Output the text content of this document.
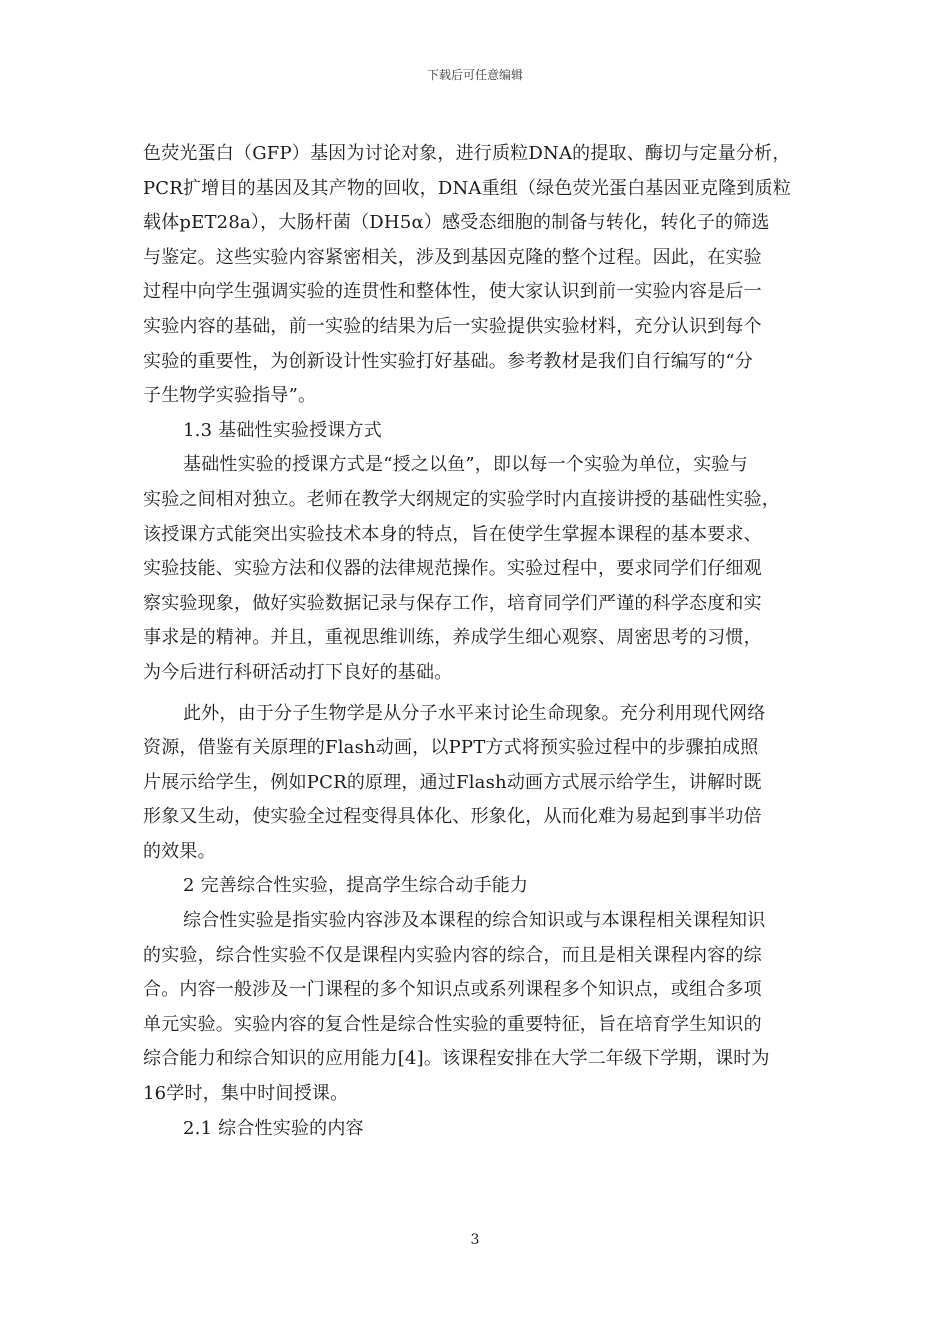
下载后可任意编辑
色荧光蛋白（GFP）基因为讨论对象，进行质粒DNA的提取、酶切与定量分析，
PCR扩增目的基因及其产物的回收，DNA重组（绿色荧光蛋白基因亚克隆到质粒
载体pET28a），大肠杆菌（DH5α）感受态细胞的制备与转化，转化子的筛选
与鉴定。这些实验内容紧密相关，涉及到基因克隆的整个过程。因此，在实验
过程中向学生强调实验的连贯性和整体性，使大家认识到前一实验内容是后一
实验内容的基础，前一实验的结果为后一实验提供实验材料，充分认识到每个
实验的重要性，为创新设计性实验打好基础。参考教材是我们自行编写的“分
子生物学实验指导”。
1.3 基础性实验授课方式
基础性实验的授课方式是“授之以鱼”，即以每一个实验为单位，实验与
实验之间相对独立。老师在教学大纲规定的实验学时内直接讲授的基础性实验，
该授课方式能突出实验技术本身的特点，旨在使学生掌握本课程的基本要求、
实验技能、实验方法和仪器的法律规范操作。实验过程中，要求同学们仔细观
察实验现象，做好实验数据记录与保存工作，培育同学们严谨的科学态度和实
事求是的精神。并且，重视思维训练，养成学生细心观察、周密思考的习惯，
为今后进行科研活动打下良好的基础。
此外，由于分子生物学是从分子水平来讨论生命现象。充分利用现代网络
资源，借鉴有关原理的Flash动画，以PPT方式将预实验过程中的步骤拍成照
片展示给学生，例如PCR的原理，通过Flash动画方式展示给学生，讲解时既
形象又生动，使实验全过程变得具体化、形象化，从而化难为易起到事半功倍
的效果。
2 完善综合性实验，提高学生综合动手能力
综合性实验是指实验内容涉及本课程的综合知识或与本课程相关课程知识
的实验，综合性实验不仅是课程内实验内容的综合，而且是相关课程内容的综
合。内容一般涉及一门课程的多个知识点或系列课程多个知识点，或组合多项
单元实验。实验内容的复合性是综合性实验的重要特征，旨在培育学生知识的
综合能力和综合知识的应用能力[4]。该课程安排在大学二年级下学期，课时为
16学时，集中时间授课。
2.1 综合性实验的内容
3
